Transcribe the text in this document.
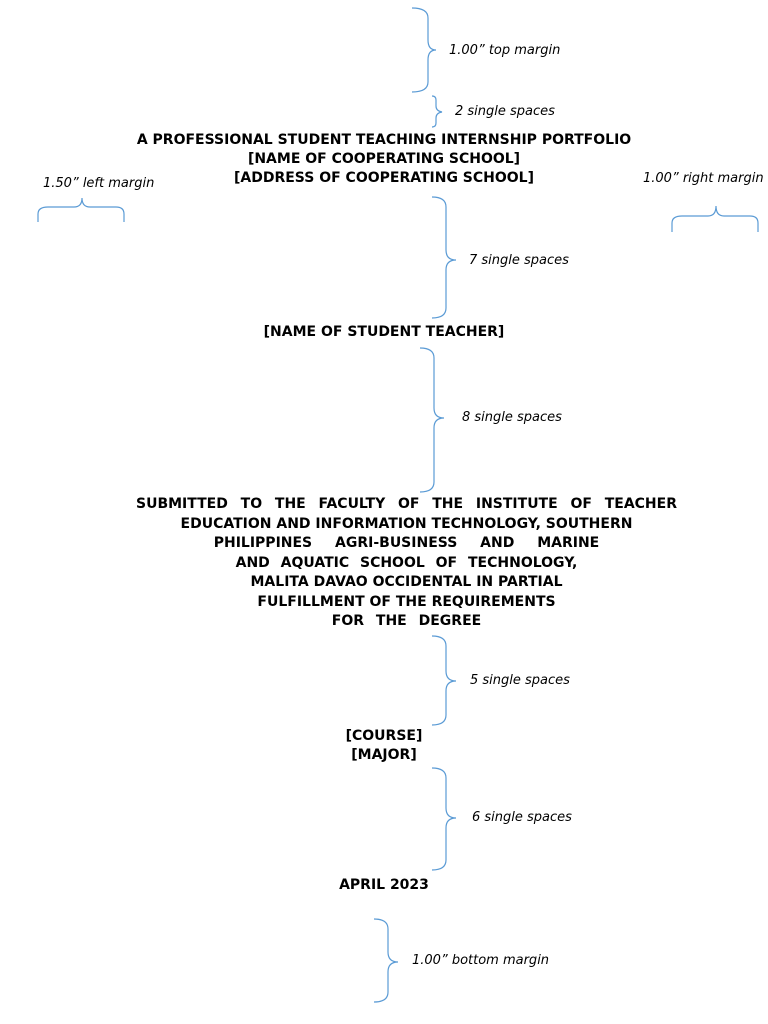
1.00” top margin
2 single spaces
1.50” left margin	1.00” right margin
7 single spaces
8 single spaces
5 single spaces
6 single spaces
1.00” bottom margin
A PROFESSIONAL STUDENT TEACHING INTERNSHIP PORTFOLIO
[NAME OF COOPERATING SCHOOL]
[ADDRESS OF COOPERATING SCHOOL]
[NAME OF STUDENT TEACHER]
SUBMITTED TO THE FACULTY OF THE INSTITUTE OF TEACHER
EDUCATION AND INFORMATION TECHNOLOGY, SOUTHERN
PHILIPPINES AGRI-BUSINESS AND MARINE
AND AQUATIC SCHOOL OF TECHNOLOGY,
MALITA DAVAO OCCIDENTAL IN PARTIAL
FULFILLMENT OF THE REQUIREMENTS
FOR THE DEGREE
[COURSE]
[MAJOR]
APRIL 2023
